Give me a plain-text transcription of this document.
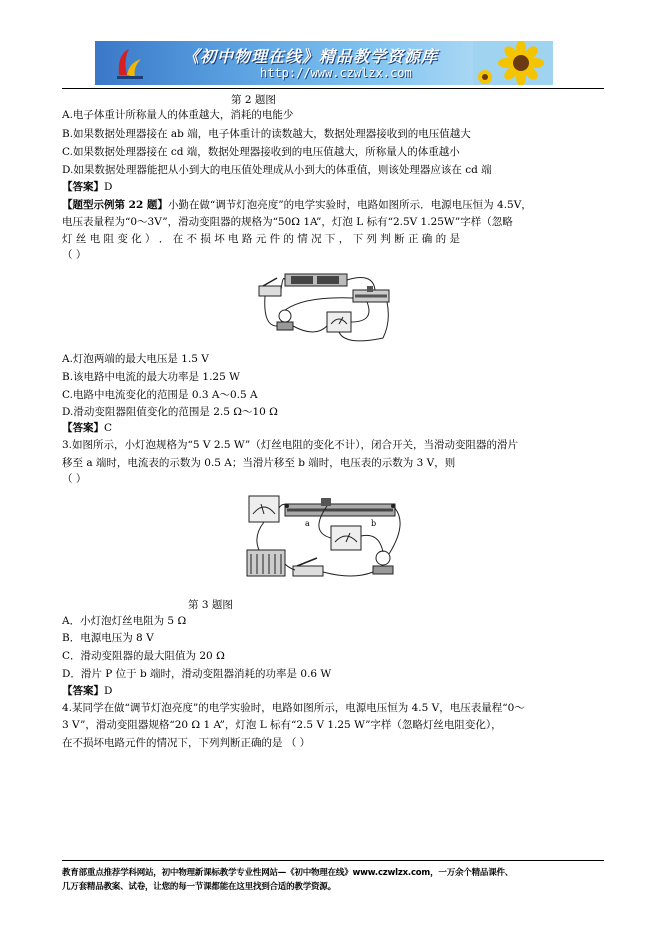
《初中物理在线》精品教学资源库
http://www.czwlzx.com
第 2 题图
A.电子体重计所称量人的体重越大，消耗的电能少
B.如果数据处理器接在 ab 端，电子体重计的读数越大，数据处理器接收到的电压值越大
C.如果数据处理器接在 cd 端，数据处理器接收到的电压值越大，所称量人的体重越小
D.如果数据处理器能把从小到大的电压值处理成从小到大的体重值，则该处理器应该在 cd 端
【答案】D
【题型示例第 22 题】小勤在做“调节灯泡亮度”的电学实验时，电路如图所示．电源电压恒为 4.5V，
电压表量程为“0～3V”，滑动变阻器的规格为“50Ω 1A”，灯泡 L 标有“2.5V 1.25W”字样（忽略
灯 丝 电 阻 变 化 ） ． 在 不 损 坏 电 路 元 件 的 情 况 下 ， 下 列 判 断 正 确 的 是
（ ）
A.灯泡两端的最大电压是 1.5 V
B.该电路中电流的最大功率是 1.25 W
C.电路中电流变化的范围是 0.3 A～0.5 A
D.滑动变阻器阻值变化的范围是 2.5 Ω～10 Ω
【答案】C
3.如图所示，小灯泡规格为“5 V 2.5 W”（灯丝电阻的变化不计），闭合开关，当滑动变阻器的滑片
移至 a 端时，电流表的示数为 0.5 A；当滑片移至 b 端时，电压表的示数为 3 V，则
（ ）
a	b
第 3 题图
A．小灯泡灯丝电阻为 5 Ω
B．电源电压为 8 V
C．滑动变阻器的最大阻值为 20 Ω
D．滑片 P 位于 b 端时，滑动变阻器消耗的功率是 0.6 W
【答案】D
4.某同学在做“调节灯泡亮度”的电学实验时，电路如图所示，电源电压恒为 4.5 V，电压表量程“0～
3 V”，滑动变阻器规格“20 Ω 1 A”，灯泡 L 标有“2.5 V 1.25 W”字样（忽略灯丝电阻变化），
在不损坏电路元件的情况下，下列判断正确的是 （ ）
教育部重点推荐学科网站，初中物理新课标教学专业性网站—《初中物理在线》www.czwlzx.com，一万余个精品课件、
几万套精品教案、试卷，让您的每一节课都能在这里找到合适的教学资源。
